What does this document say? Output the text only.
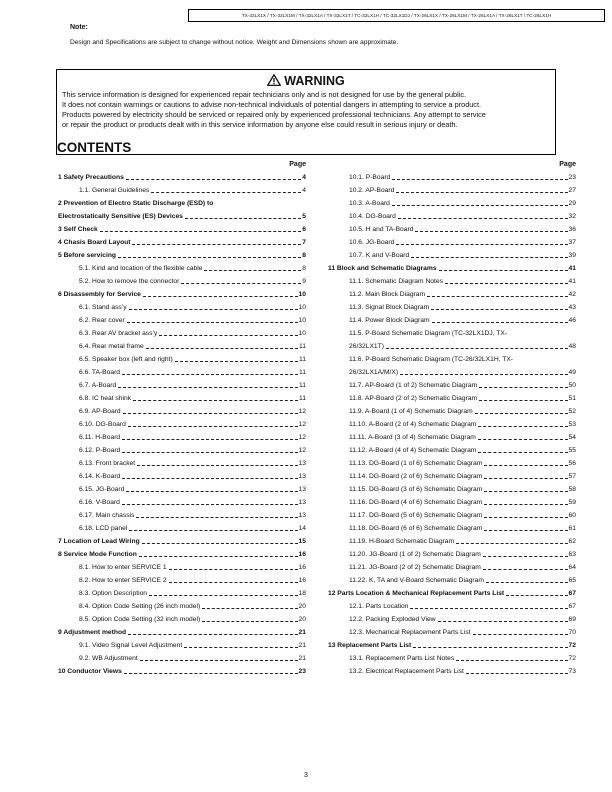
TX-32LX1X / TX-32LX1M / TX-32LX1A / TX-32LX1T / TC-32LX1H / TC-32LX1DJ / TX-26LX1X / TX-26LX1M / TX-26LX1A / TX-26LX1T / TC-26LX1H
Note:
Design and Specifications are subject to change without notice. Weight and Dimensions shown are approximate.
WARNING
This service information is designed for experienced repair technicians only and is not designed for use by the general public.
It does not contain warnings or cautions to advise non-technical individuals of potential dangers in attempting to service a product.
Products powered by electricity should be serviced or repaired only by experienced professional technicians. Any attempt to service
or repair the product or products dealt with in this service information by anyone else could result in serious injury or death.
CONTENTS
Page
1 Safety Precautions	4
1.1. General Guidelines	4
2 Prevention of Electro Static Discharge (ESD) to
Electrostatically Sensitive (ES) Devices	5
3 Self Check	6
4 Chasis Board Layout	7
5 Before servicing	8
5.1. Kind and location of the flexible cable	8
5.2. How to remove the connector	9
6 Disassembly for Service	10
6.1. Stand ass’y	10
6.2. Rear cover	10
6.3. Rear AV bracket ass’y	10
6.4. Rear metal frame	11
6.5. Speaker box (left and right)	11
6.6. TA-Board	11
6.7. A-Board	11
6.8. IC heat shink	11
6.9. AP-Board	12
6.10. DG-Board	12
6.11. H-Board	12
6.12. P-Board	12
6.13. Front bracket	13
6.14. K-Board	13
6.15. JG-Board	13
6.16. V-Board	13
6.17. Main chassis	13
6.18. LCD panel	14
7 Location of Lead Wiring	15
8 Service Mode Function	16
8.1. How to enter SERVICE 1	16
8.2. How to enter SERVICE 2	16
8.3. Option Description	18
8.4. Option Code Setting (26 inch model)	20
8.5. Option Code Setting (32 inch model)	20
9 Adjustment method	21
9.1. Video Signal Level Adjustment	21
9.2. WB Adjustment	21
10 Conductor Views	23
Page
10.1. P-Board	23
10.2. AP-Board	27
10.3. A-Board	29
10.4. DG-Board	32
10.5. H and TA-Board	36
10.6. JG-Board	37
10.7. K and V-Board	39
11 Block and Schematic Diagrams	41
11.1. Schematic Diagram Notes	41
11.2. Main Block Diagram	42
11.3. Signal Block Diagram	43
11.4. Power Block Diagram	46
11.5. P-Board Schematic Diagram (TC-32LX1DJ, TX-
26/32LX1T)	48
11.6. P-Board Schematic Diagram (TC-26/32LX1H, TX-
26/32LX1A/M/X)	49
11.7. AP-Board (1 of 2) Schematic Diagram	50
11.8. AP-Board (2 of 2) Schematic Diagram	51
11.9. A-Board (1 of 4) Schematic Diagram	52
11.10. A-Board (2 of 4) Schematic Diagram	53
11.11. A-Board (3 of 4) Schematic Diagram	54
11.12. A-Board (4 of 4) Schematic Diagram	55
11.13. DG-Board (1 of 6) Schematic Diagram	56
11.14. DG-Board (2 of 6) Schematic Diagram	57
11.15. DG-Board (3 of 6) Schematic Diagram	58
11.16. DG-Board (4 of 6) Schematic Diagram	59
11.17. DG-Board (5 of 6) Schematic Diagram	60
11.18. DG-Board (6 of 6) Schematic Diagram	61
11.19. H-Board Schematic Diagram	62
11.20. JG-Board (1 of 2) Schematic Diagram	63
11.21. JG-Board (2 of 2) Schematic Diagram	64
11.22. K, TA and V-Board Schematic Diagram	65
12 Parts Location & Mechanical Replacement Parts List	67
12.1. Parts Location	67
12.2. Packing Exploded View	69
12.3. Mechanical Replacement Parts List	70
13 Replacement Parts List	72
13.1. Replacement Parts List Notes	72
13.2. Electrical Replacement Parts List	73
3
